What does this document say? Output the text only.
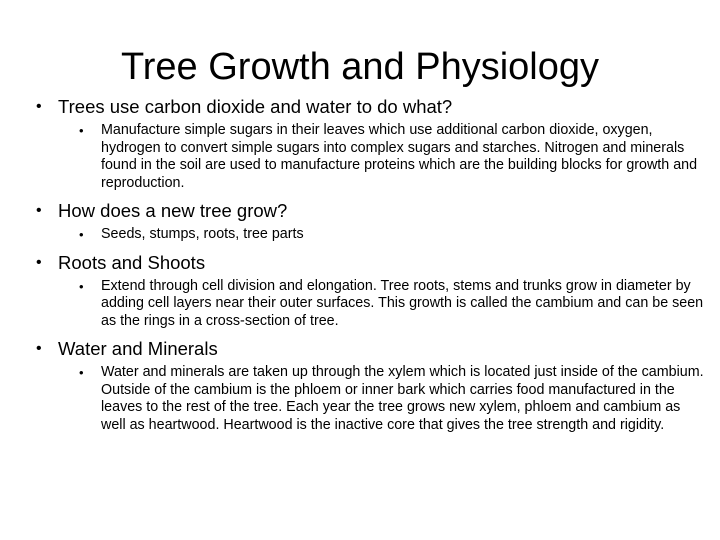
Tree Growth and Physiology
• Trees use carbon dioxide and water to do what?
•	Manufacture simple sugars in their leaves which use additional carbon dioxide, oxygen, hydrogen to convert simple sugars into complex sugars and starches. Nitrogen and minerals found in the soil are used to manufacture proteins which are the building blocks for growth and reproduction.
• How does a new tree grow?
•	Seeds, stumps, roots, tree parts
• Roots and Shoots
•	Extend through cell division and elongation. Tree roots, stems and trunks grow in diameter by adding cell layers near their outer surfaces. This growth is called the cambium and can be seen as the rings in a cross-section of tree.
• Water and Minerals
•	Water and minerals are taken up through the xylem which is located just inside of the cambium. Outside of the cambium is the phloem or inner bark which carries food manufactured in the leaves to the rest of the tree. Each year the tree grows new xylem, phloem and cambium as well as heartwood. Heartwood is the inactive core that gives the tree strength and rigidity.
